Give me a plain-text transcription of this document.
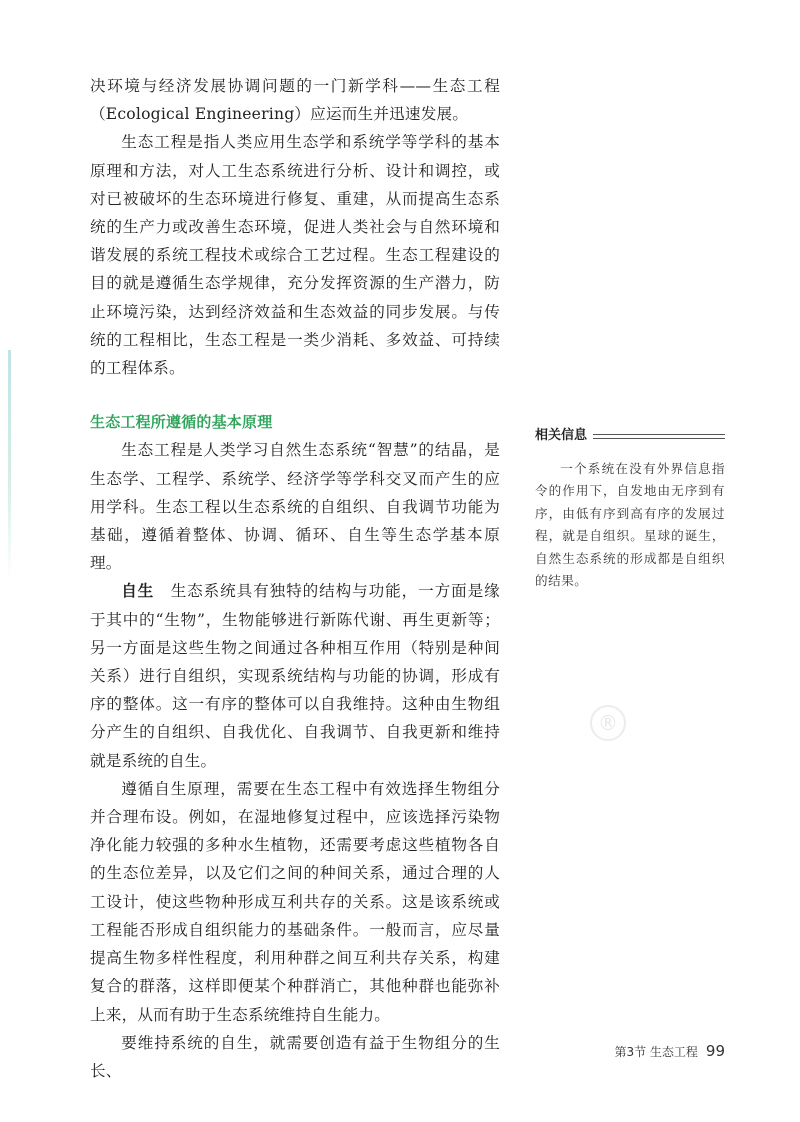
​	®

决环境与经济发展协调问题的一门新学科——生态工程（Ecological Engineering）应运而生并迅速发展。

生态工程是指人类应用生态学和系统学等学科的基本原理和方法，对人工生态系统进行分析、设计和调控，或对已被破坏的生态环境进行修复、重建，从而提高生态系统的生产力或改善生态环境，促进人类社会与自然环境和谐发展的系统工程技术或综合工艺过程。生态工程建设的目的就是遵循生态学规律，充分发挥资源的生产潜力，防止环境污染，达到经济效益和生态效益的同步发展。与传统的工程相比，生态工程是一类少消耗、多效益、可持续的工程体系。

生态工程所遵循的基本原理

生态工程是人类学习自然生态系统“智慧”的结晶，是生态学、工程学、系统学、经济学等学科交叉而产生的应用学科。生态工程以生态系统的自组织、自我调节功能为基础，遵循着整体、协调、循环、自生等生态学基本原理。

自生　 生态系统具有独特的结构与功能，一方面是缘于其中的“生物”，生物能够进行新陈代谢、再生更新等；另一方面是这些生物之间通过各种相互作用（特别是种间关系）进行自组织，实现系统结构与功能的协调，形成有序的整体。这一有序的整体可以自我维持。这种由生物组分产生的自组织、自我优化、自我调节、自我更新和维持就是系统的自生。

遵循自生原理，需要在生态工程中有效选择生物组分并合理布设。例如，在湿地修复过程中，应该选择污染物净化能力较强的多种水生植物，还需要考虑这些植物各自的生态位差异，以及它们之间的种间关系，通过合理的人工设计，使这些物种形成互利共存的关系。这是该系统或工程能否形成自组织能力的基础条件。一般而言，应尽量提高生物多样性程度，利用种群之间互利共存关系，构建复合的群落，这样即便某个种群消亡，其他种群也能弥补上来，从而有助于生态系统维持自生能力。

要维持系统的自生，就需要创造有益于生物组分的生长、

相关信息

一个系统在没有外界信息指令的作用下，自发地由无序到有序，由低有序到高有序的发展过程，就是自组织。星球的诞生，自然生态系统的形成都是自组织的结果。

第3节 生态工程 99
